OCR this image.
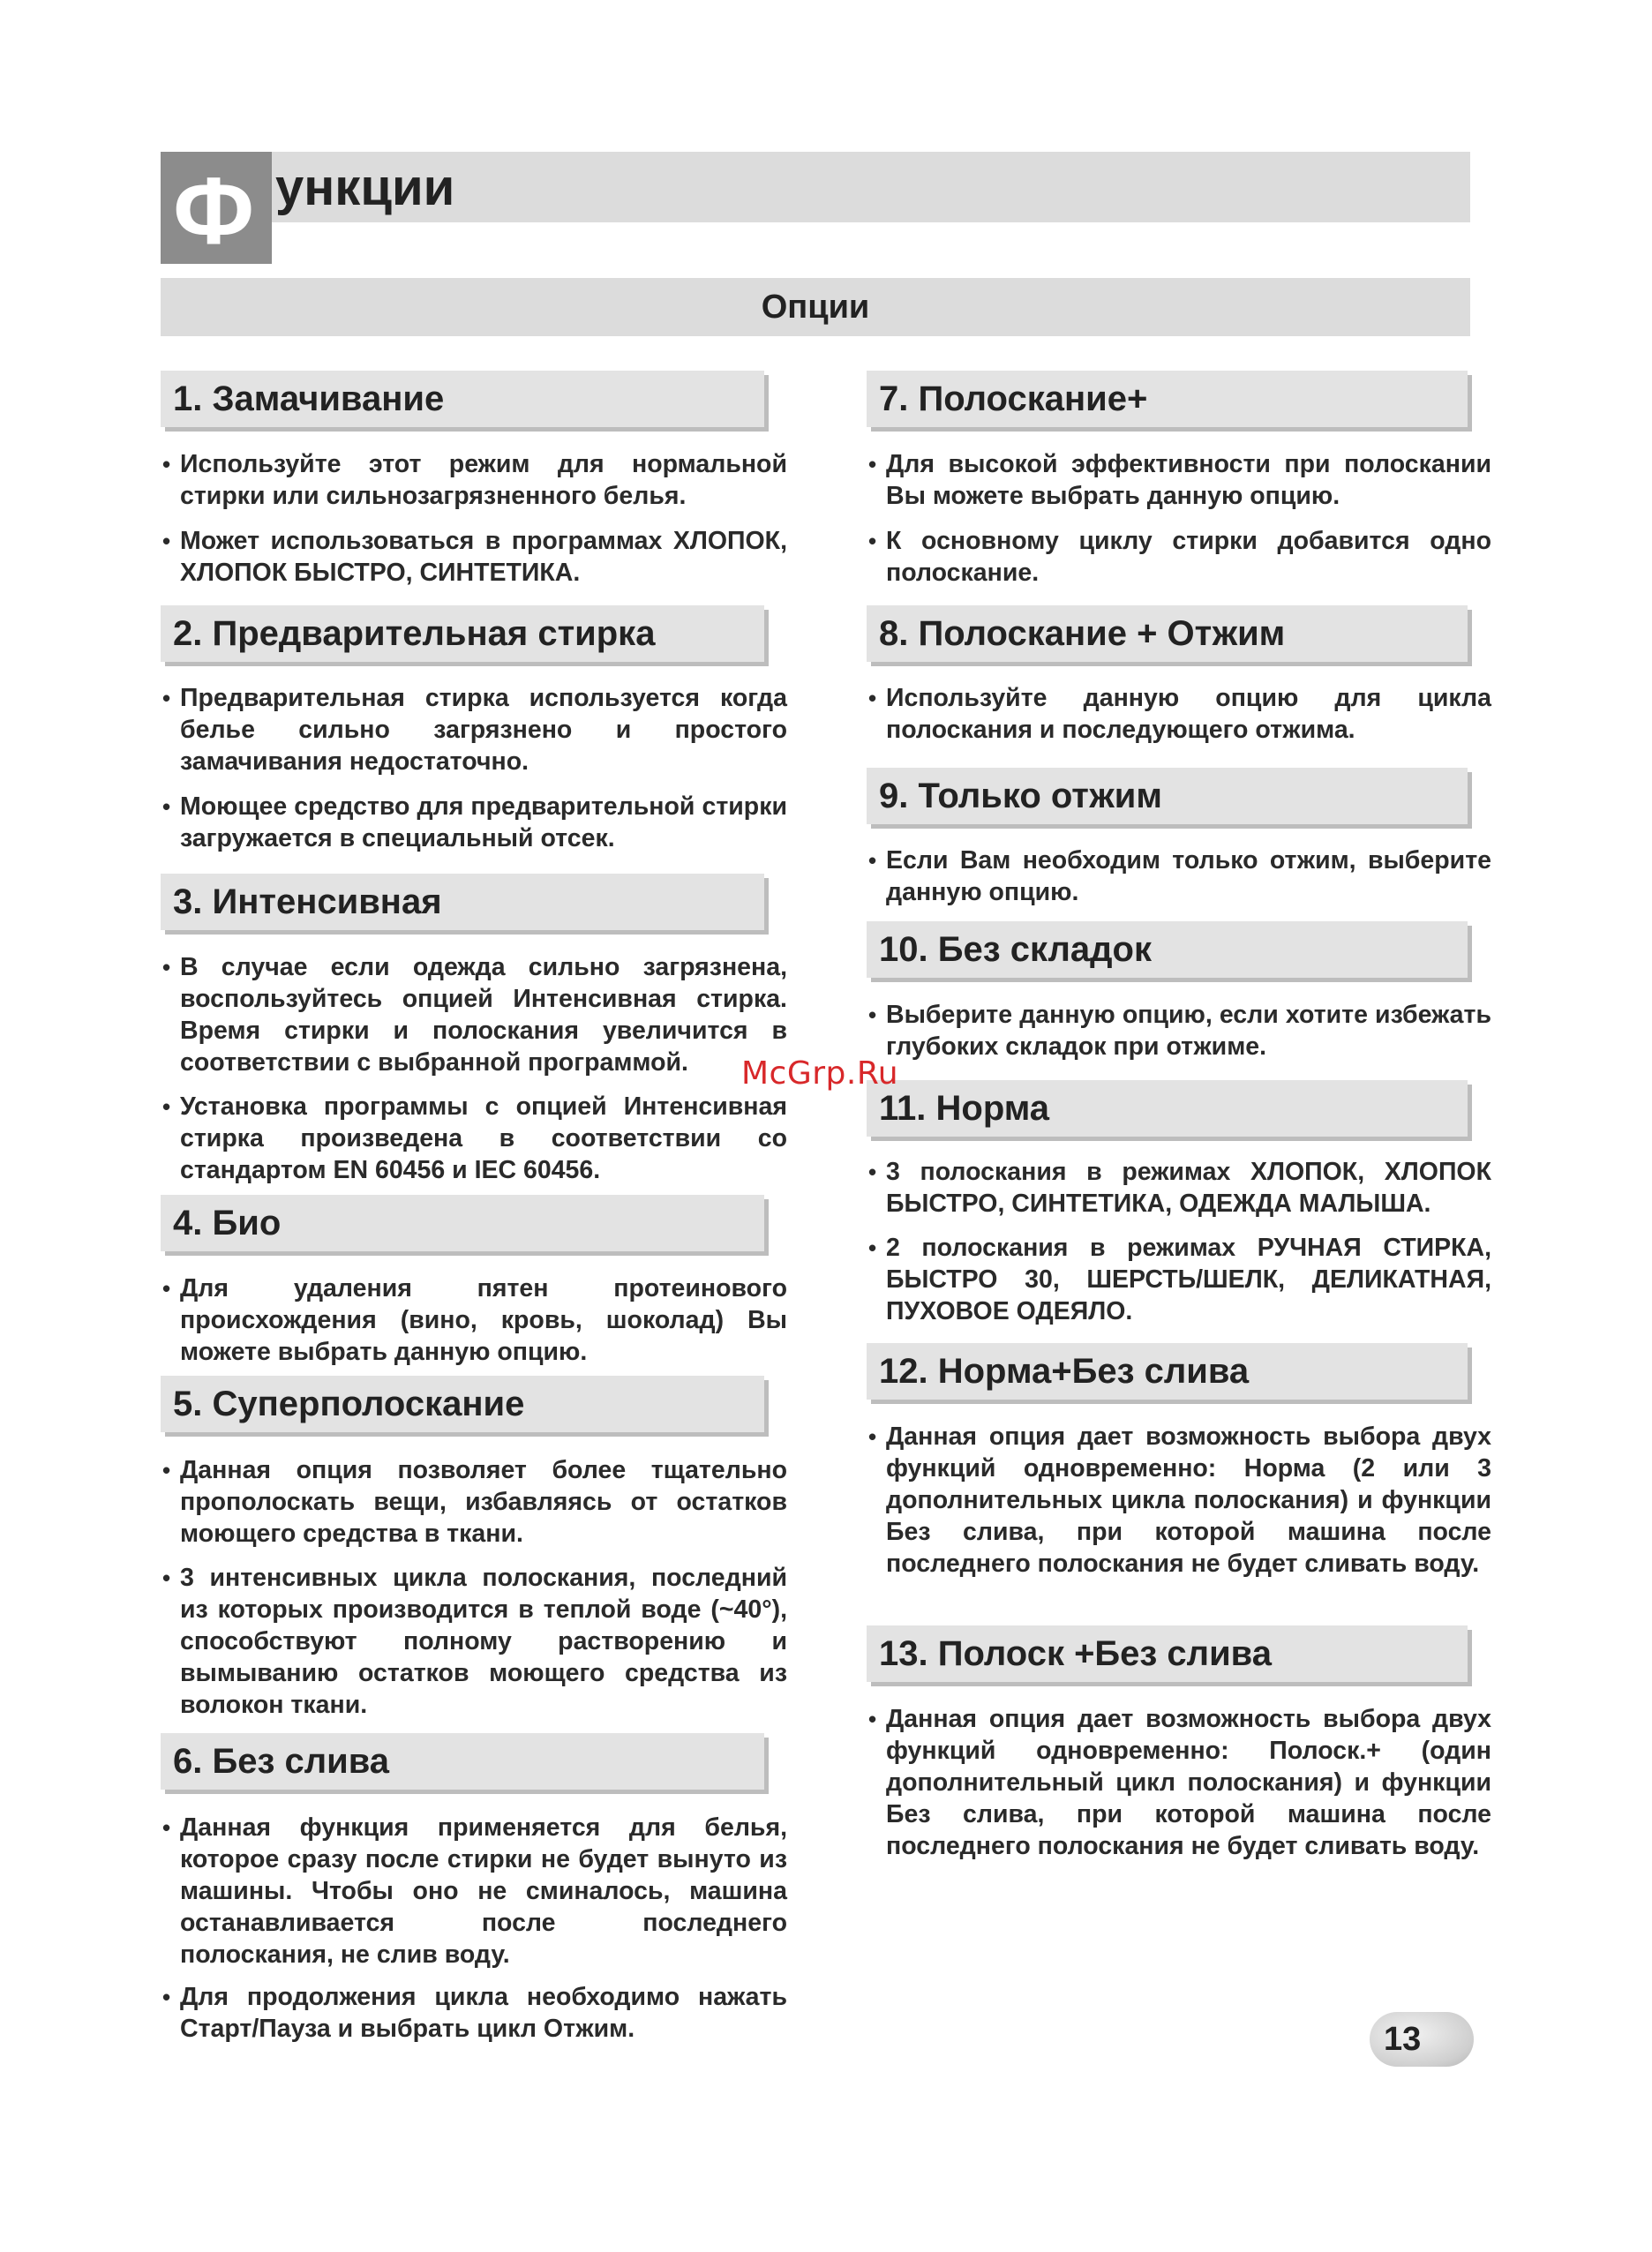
Ф ункции
Опции
1. Замачивание
• Используйте этот режим для нормальной стирки или сильнозагрязненного белья.
• Может использоваться в программах ХЛОПОК, ХЛОПОК БЫСТРО, СИНТЕТИКА.
2. Предварительная стирка
• Предварительная стирка используется когда белье сильно загрязнено и простого замачивания недостаточно.
• Моющее средство для предварительной стирки загружается в специальный отсек.
3. Интенсивная
• В случае если одежда сильно загрязнена, воспользуйтесь опцией Интенсивная стирка. Время стирки и полоскания увеличится в соответствии с выбранной программой.
• Установка программы с опцией Интенсивная стирка произведена в соответствии со стандартом EN 60456 и IEC 60456.
4. Био
• Для удаления пятен протеинового происхождения (вино, кровь, шоколад) Вы можете выбрать данную опцию.
5. Суперполоскание
• Данная опция позволяет более тщательно прополоскать вещи, избавляясь от остатков моющего средства в ткани.
• 3 интенсивных цикла полоскания, последний из которых производится в теплой воде (~40°), способствуют полному растворению и вымыванию остатков моющего средства из волокон ткани.
6. Без слива
• Данная функция применяется для белья, которое сразу после стирки не будет вынуто из машины. Чтобы оно не сминалось, машина останавливается после последнего полоскания, не слив воду.
• Для продолжения цикла необходимо нажать Старт/Пауза и выбрать цикл Отжим.
7. Полоскание+
• Для высокой эффективности при полоскании Вы можете выбрать данную опцию.
• К основному циклу стирки добавится одно полоскание.
8. Полоскание + Отжим
• Используйте данную опцию для цикла полоскания и последующего отжима.
9. Только отжим
• Если Вам необходим только отжим, выберите данную опцию.
10. Без складок
• Выберите данную опцию, если хотите избежать глубоких складок при отжиме.
11. Норма
• 3 полоскания в режимах ХЛОПОК, ХЛОПОК БЫСТРО, СИНТЕТИКА, ОДЕЖДА МАЛЫША.
• 2 полоскания в режимах РУЧНАЯ СТИРКА, БЫСТРО 30, ШЕРСТЬ/ШЕЛК, ДЕЛИКАТНАЯ, ПУХОВОЕ ОДЕЯЛО.
12. Норма+Без слива
• Данная опция дает возможность выбора двух функций одновременно: Норма (2 или 3 дополнительных цикла полоскания) и функции Без слива, при которой машина после последнего полоскания не будет сливать воду.
13. Полоск +Без слива
• Данная опция дает возможность выбора двух функций одновременно: Полоск.+ (один дополнительный цикл полоскания) и функции Без слива, при которой машина после последнего полоскания не будет сливать воду.
McGrp.Ru
13
